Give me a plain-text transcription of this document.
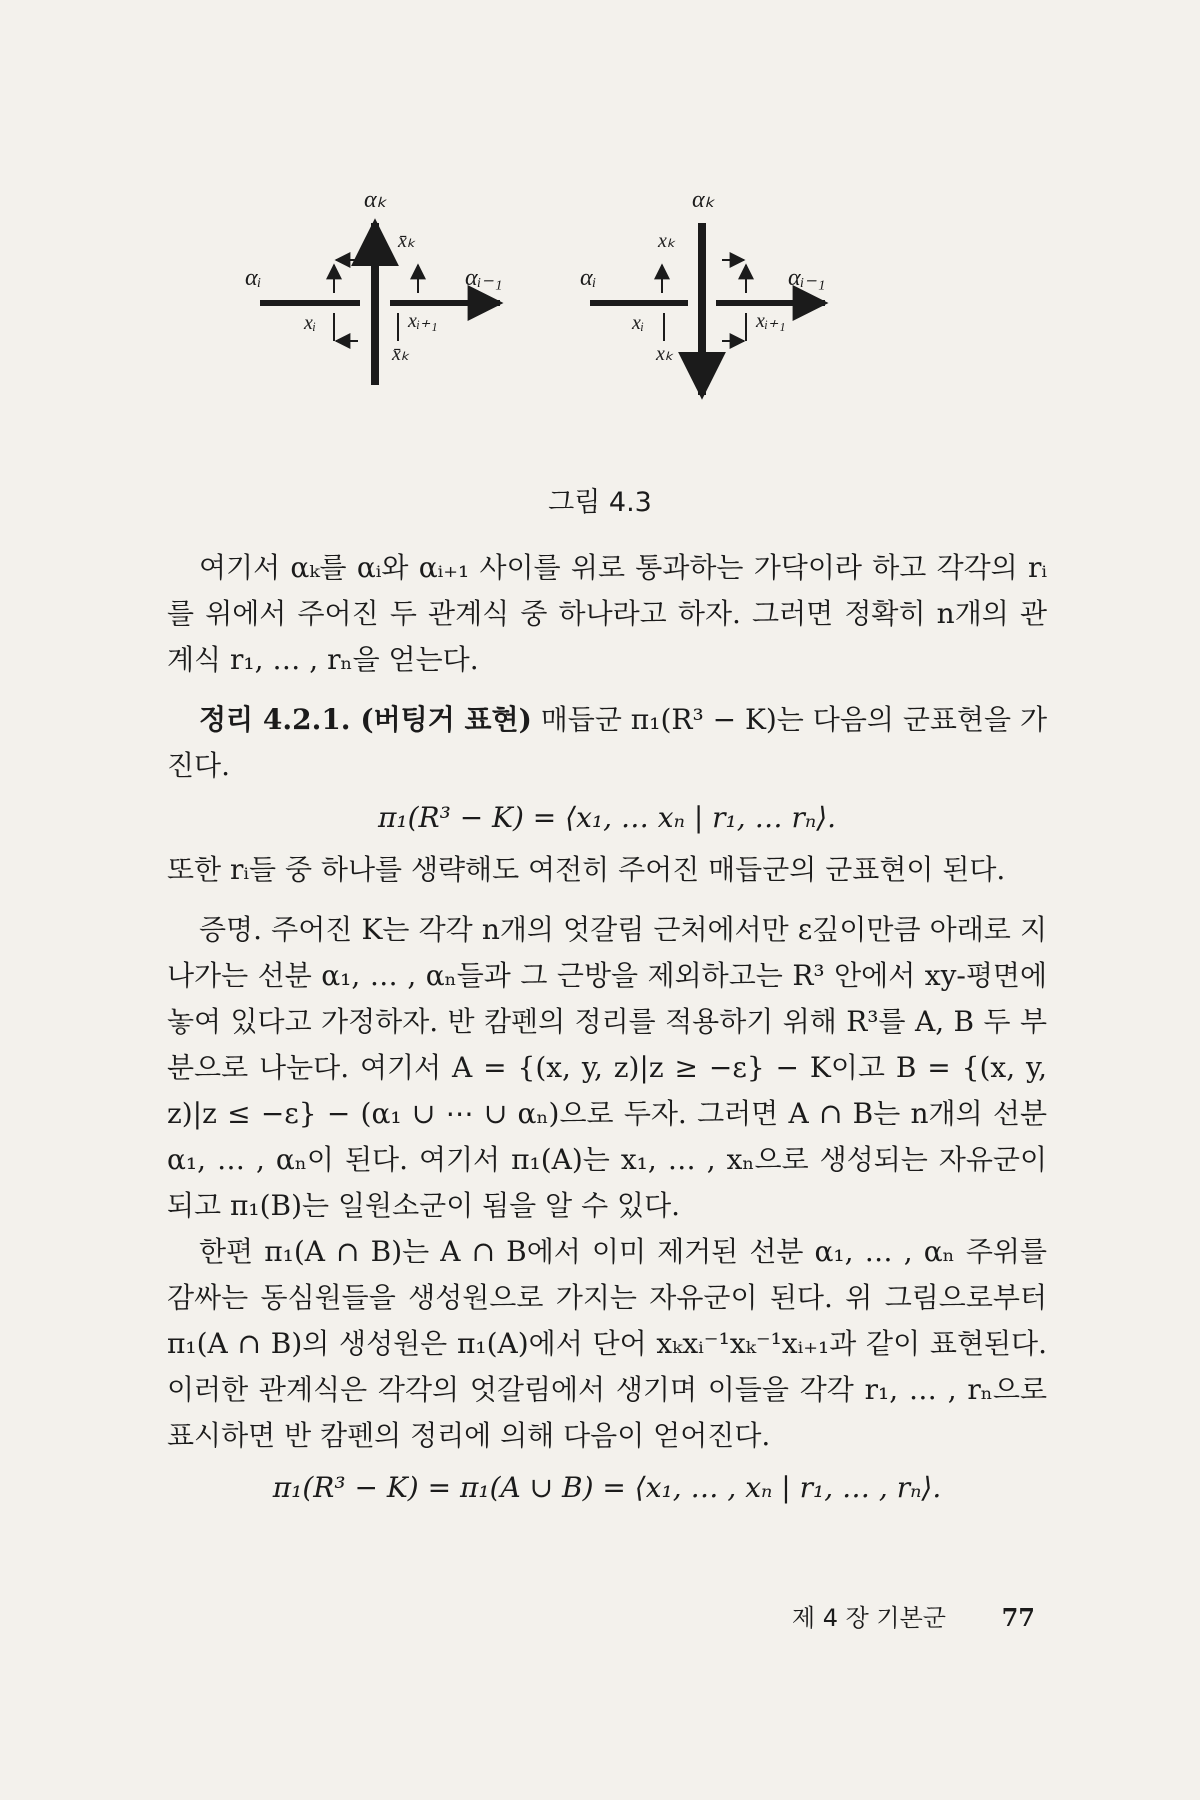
αₖ
αᵢ	αᵢ₋₁
x̄ₖ
xᵢ	xᵢ₊₁
x̄ₖ
αₖ
αᵢ	αᵢ₋₁
xₖ
xᵢ	xᵢ₊₁
xₖ
그림 4.3

여기서 αₖ를 αᵢ와 αᵢ₊₁ 사이를 위로 통과하는 가닥이라 하고 각각의 rᵢ를 위에서 주어진 두 관계식 중 하나라고 하자. 그러면 정확히 n개의 관계식 r₁, … , rₙ을 얻는다.

정리 4.2.1. (버팅거 표현) 매듭군 π₁(R³ − K)는 다음의 군표현을 가진다.

π₁(R³ − K) = ⟨x₁, … xₙ | r₁, … rₙ⟩.

또한 rᵢ들 중 하나를 생략해도 여전히 주어진 매듭군의 군표현이 된다.

증명. 주어진 K는 각각 n개의 엇갈림 근처에서만 ε깊이만큼 아래로 지나가는 선분 α₁, … , αₙ들과 그 근방을 제외하고는 R³ 안에서 xy-평면에 놓여 있다고 가정하자. 반 캄펜의 정리를 적용하기 위해 R³를 A, B 두 부분으로 나눈다. 여기서 A = {(x, y, z)|z ≥ −ε} − K이고 B = {(x, y, z)|z ≤ −ε} − (α₁ ∪ ⋯ ∪ αₙ)으로 두자. 그러면 A ∩ B는 n개의 선분 α₁, … , αₙ이 된다. 여기서 π₁(A)는 x₁, … , xₙ으로 생성되는 자유군이 되고 π₁(B)는 일원소군이 됨을 알 수 있다.

한편 π₁(A ∩ B)는 A ∩ B에서 이미 제거된 선분 α₁, … , αₙ 주위를 감싸는 동심원들을 생성원으로 가지는 자유군이 된다. 위 그림으로부터 π₁(A ∩ B)의 생성원은 π₁(A)에서 단어 xₖxᵢ⁻¹xₖ⁻¹xᵢ₊₁과 같이 표현된다. 이러한 관계식은 각각의 엇갈림에서 생기며 이들을 각각 r₁, … , rₙ으로 표시하면 반 캄펜의 정리에 의해 다음이 얻어진다.

π₁(R³ − K) = π₁(A ∪ B) = ⟨x₁, … , xₙ | r₁, … , rₙ⟩.
제 4 장 기본군 77
